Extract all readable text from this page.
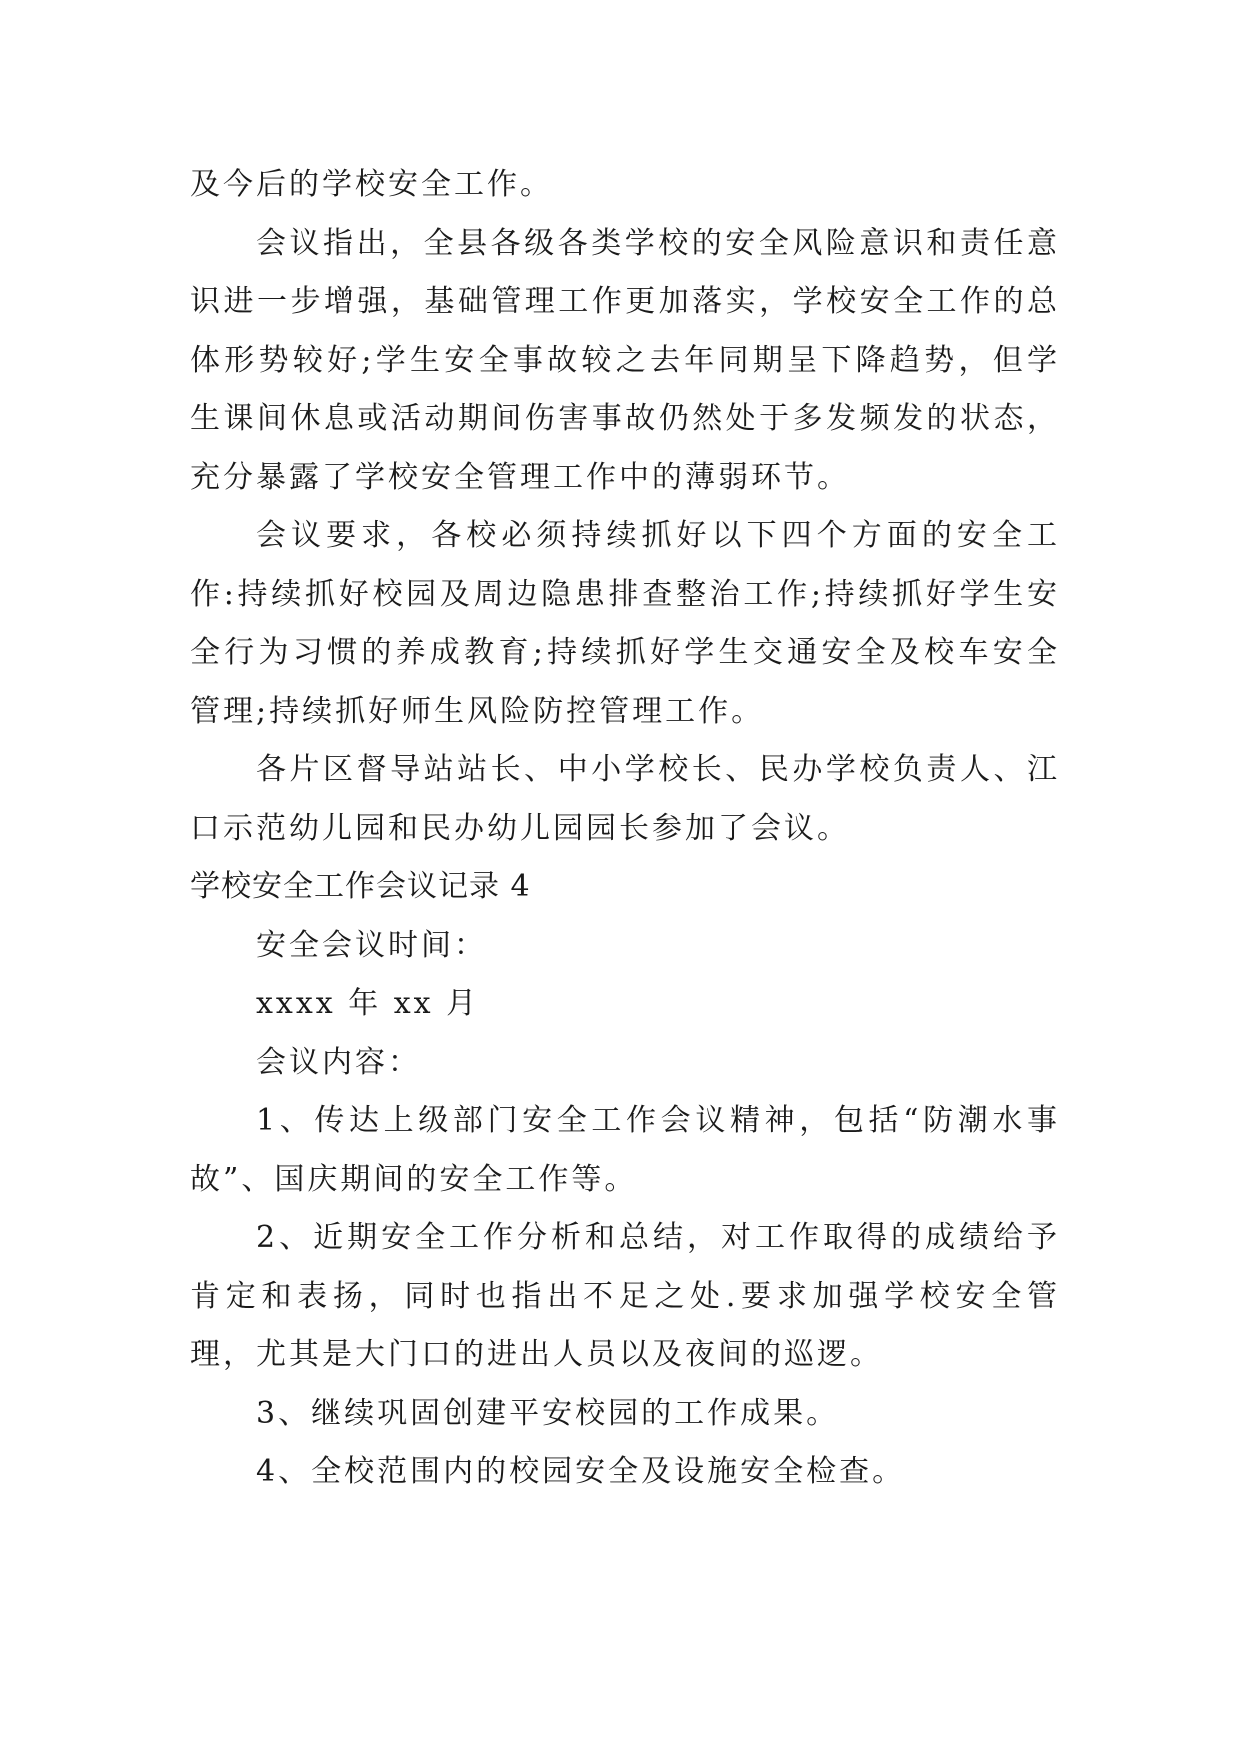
及今后的学校安全工作。

会议指出，全县各级各类学校的安全风险意识和责任意识进一步增强，基础管理工作更加落实，学校安全工作的总体形势较好;学生安全事故较之去年同期呈下降趋势，但学生课间休息或活动期间伤害事故仍然处于多发频发的状态，充分暴露了学校安全管理工作中的薄弱环节。

会议要求，各校必须持续抓好以下四个方面的安全工作:持续抓好校园及周边隐患排查整治工作;持续抓好学生安全行为习惯的养成教育;持续抓好学生交通安全及校车安全管理;持续抓好师生风险防控管理工作。

各片区督导站站长、中小学校长、民办学校负责人、江口示范幼儿园和民办幼儿园园长参加了会议。

学校安全工作会议记录 4

安全会议时间：

xxxx 年 xx 月

会议内容：

1、传达上级部门安全工作会议精神，包括“防潮水事故”、国庆期间的安全工作等。

2、近期安全工作分析和总结，对工作取得的成绩给予肯定和表扬，同时也指出不足之处.要求加强学校安全管理，尤其是大门口的进出人员以及夜间的巡逻。

3、继续巩固创建平安校园的工作成果。

4、全校范围内的校园安全及设施安全检查。
